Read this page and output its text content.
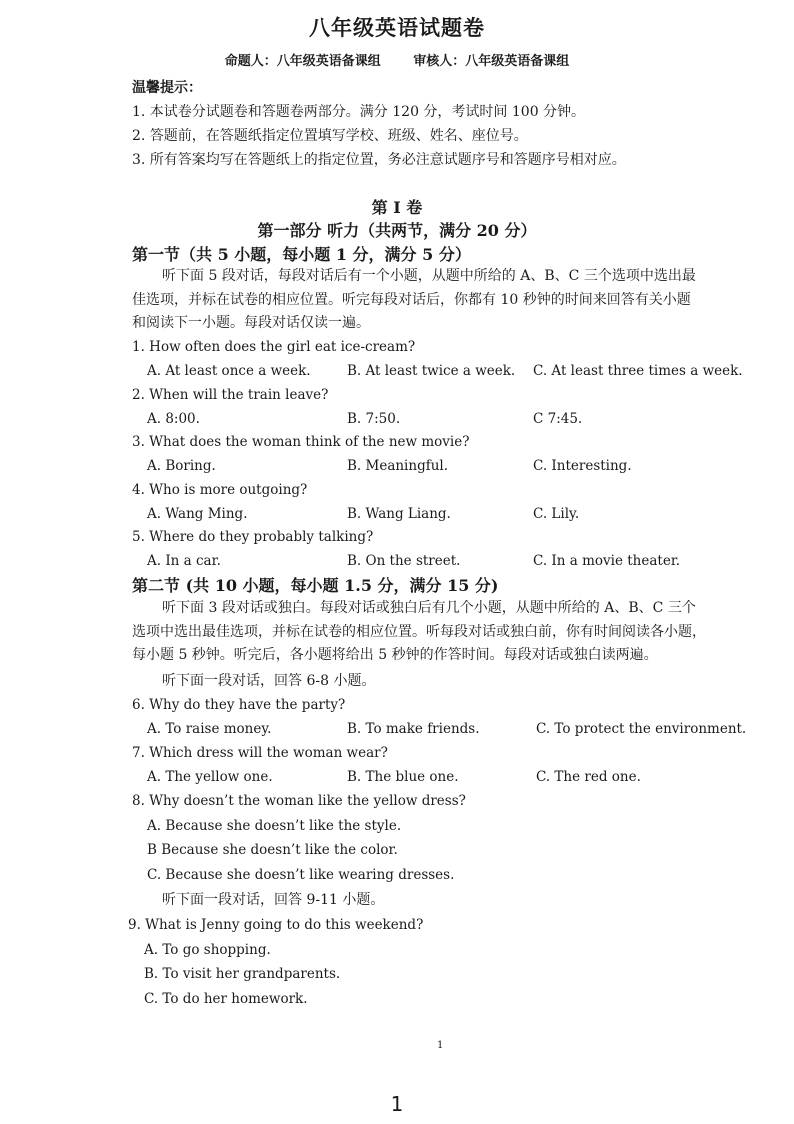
八年级英语试题卷
命题人：八年级英语备课组	审核人：八年级英语备课组
温馨提示：
1. 本试卷分试题卷和答题卷两部分。满分 120 分，考试时间 100 分钟。
2. 答题前，在答题纸指定位置填写学校、班级、姓名、座位号。
3. 所有答案均写在答题纸上的指定位置，务必注意试题序号和答题序号相对应。
第 I 卷
第一部分 听力（共两节，满分 20 分）
第一节（共 5 小题，每小题 1 分，满分 5 分）
听下面 5 段对话，每段对话后有一个小题，从题中所给的 A、B、C 三个选项中选出最
佳选项，并标在试卷的相应位置。听完每段对话后，你都有 10 秒钟的时间来回答有关小题
和阅读下一小题。每段对话仅读一遍。
1. How often does the girl eat ice-cream?
A. At least once a week.	B. At least twice a week. C. At least three times a week.
2. When will the train leave?
A. 8:00.	B. 7:50.	C 7:45.
3. What does the woman think of the new movie?
A. Boring.	B. Meaningful.	C. Interesting.
4. Who is more outgoing?
A. Wang Ming.	B. Wang Liang.	C. Lily.
5. Where do they probably talking?
A. In a car.	B. On the street.	C. In a movie theater.
第二节 (共 10 小题，每小题 1.5 分，满分 15 分)
听下面 3 段对话或独白。每段对话或独白后有几个小题，从题中所给的 A、B、C 三个
选项中选出最佳选项，并标在试卷的相应位置。听每段对话或独白前，你有时间阅读各小题，
每小题 5 秒钟。听完后，各小题将给出 5 秒钟的作答时间。每段对话或独白读两遍。
听下面一段对话，回答 6-8 小题。
6. Why do they have the party?
A. To raise money.	B. To make friends.	C. To protect the environment.
7. Which dress will the woman wear?
A. The yellow one.	B. The blue one.	C. The red one.
8. Why doesn’t the woman like the yellow dress?
A. Because she doesn’t like the style.
B Because she doesn’t like the color.
C. Because she doesn’t like wearing dresses.
听下面一段对话，回答 9-11 小题。
9. What is Jenny going to do this weekend?
A. To go shopping.
B. To visit her grandparents.
C. To do her homework.
1
1
